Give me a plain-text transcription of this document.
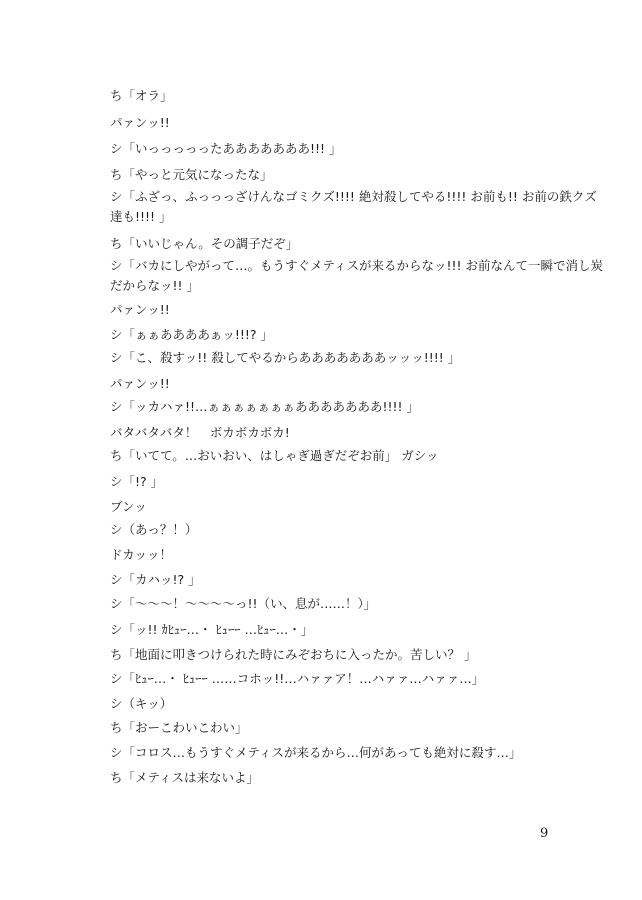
ち「オラ」
パァンッ!!
シ「いっっっっったあああああああ!!! 」
ち「やっと元気になったな」
シ「ふざっ、ふっっっざけんなゴミクズ!!!! 絶対殺してやる!!!! お前も!! お前の鉄クズ
達も!!!! 」
ち「いいじゃん。その調子だぞ」
シ「バカにしやがって…。もうすぐメティスが来るからなッ!!! お前なんて一瞬で消し炭
だからなッ!! 」
パァンッ!!
シ「ぁぁああああぁッ!!!? 」
シ「こ、殺すッ!! 殺してやるからあああああああッッッ!!!! 」
パァンッ!!
シ「ッカハァ!!…ぁぁぁぁぁぁぁあああああああ!!!! 」
バタバタバタ！　ボカボカボカ!
ち「いてて。…おいおい、はしゃぎ過ぎだぞお前」 ガシッ
シ「!? 」
ブンッ
シ（あっ？！）
ドカッッ！
シ「カハッ!? 」
シ「～～～！～～～～っ!!（い、息が……！）」
シ「ッ!! ｶﾋｭｰ…・ ﾋｭｰｰ …ﾋｭｰ…・」
ち「地面に叩きつけられた時にみぞおちに入ったか。苦しい？ 」
シ「ﾋｭｰ…・ ﾋｭｰｰ ……コホッ!!…ハァァア！…ハァァ…ハァァ…」
シ（キッ）
ち「おーこわいこわい」
シ「コロス…もうすぐメティスが来るから…何があっても絶対に殺す…」
ち「メティスは来ないよ」
9
